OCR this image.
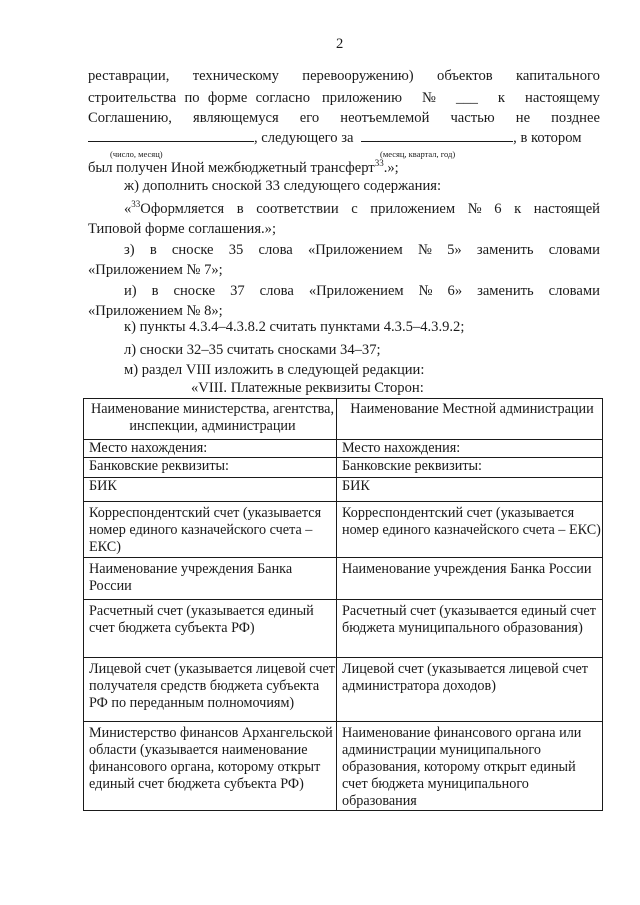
2
реставрации, техническому перевооружению) объектов капитального
строительства по форме согласно приложению № ___ к настоящему
Соглашению, являющемуся его неотъемлемой частью не позднее
, следующего за	, в котором
(число, месяц)	(месяц, квартал, год)
был получен Иной межбюджетный трансферт$^{33}$.»;
ж) дополнить сноской 33 следующего содержания:
«$^{33}$Оформляется в соответствии с приложением № 6 к настоящей
Типовой форме соглашения.»;
з) в сноске 35 слова «Приложением № 5» заменить словами
«Приложением № 7»;
и) в сноске 37 слова «Приложением № 6» заменить словами
«Приложением № 8»;
к) пункты 4.3.4–4.3.8.2 считать пунктами 4.3.5–4.3.9.2;
л) сноски 32–35 считать сносками 34–37;
м) раздел VIII изложить в следующей редакции:
«VIII. Платежные реквизиты Сторон:
Наименование министерства, агентства, инспекции, администрации	Наименование Местной администрации
Место нахождения:	Место нахождения:
Банковские реквизиты:	Банковские реквизиты:
БИК	БИК
Корреспондентский счет (указывается номер единого казначейского счета – ЕКС)	Корреспондентский счет (указывается номер единого казначейского счета – ЕКС)
Наименование учреждения Банка России	Наименование учреждения Банка России
Расчетный счет (указывается единый счет бюджета субъекта РФ)	Расчетный счет (указывается единый счет бюджета муниципального образования)
Лицевой счет (указывается лицевой счет получателя средств бюджета субъекта РФ по переданным полномочиям)	Лицевой счет (указывается лицевой счет администратора доходов)
Министерство финансов Архангельской области (указывается наименование финансового органа, которому открыт единый счет бюджета субъекта РФ)	Наименование финансового органа или администрации муниципального образования, которому открыт единый счет бюджета муниципального образования
